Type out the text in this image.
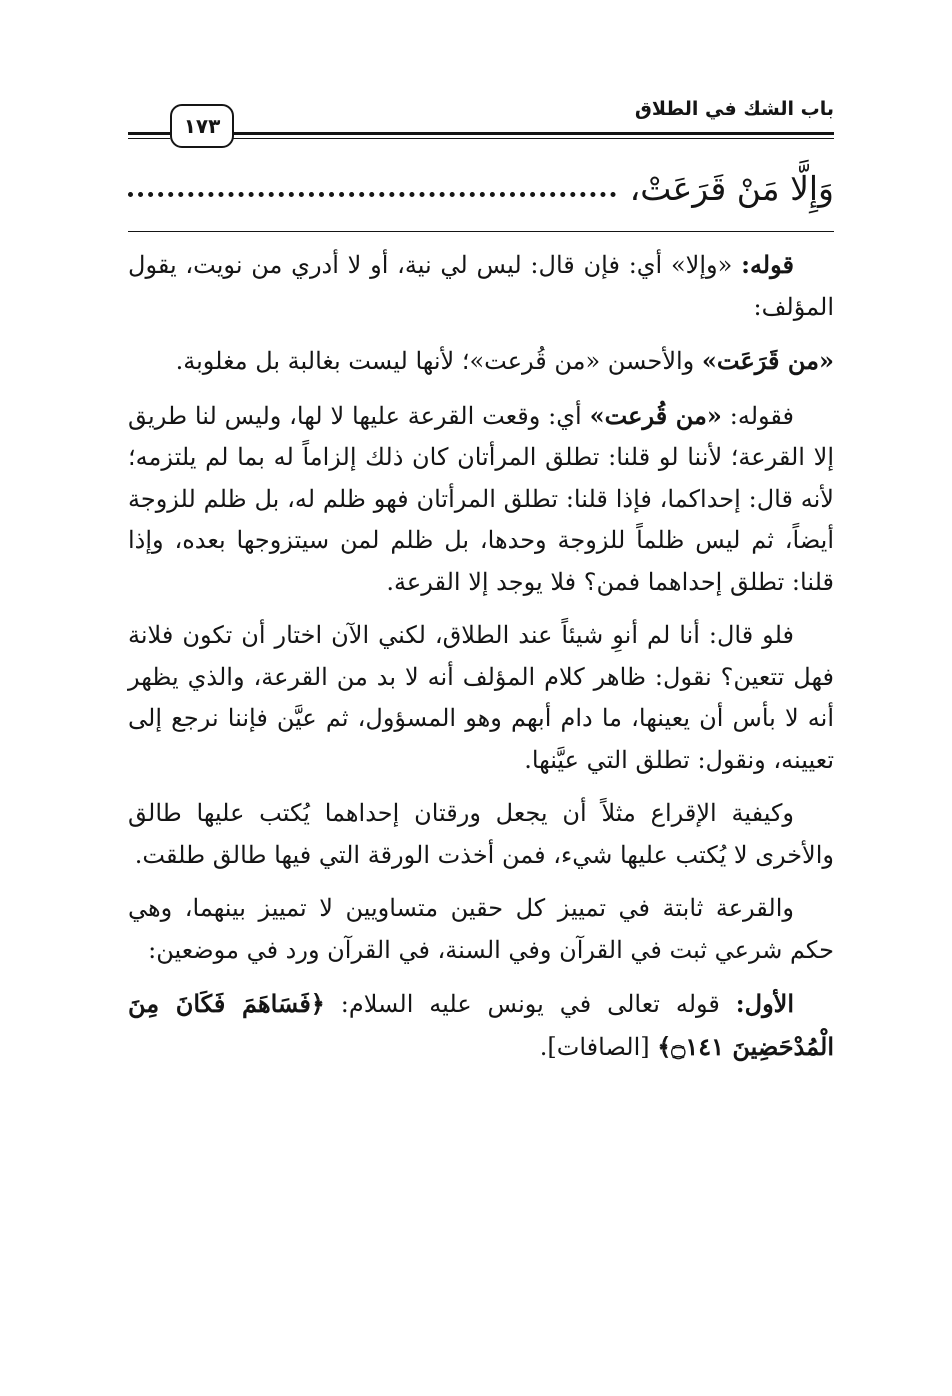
باب الشك في الطلاق
١٧٣
وَإِلَّا مَنْ قَرَعَتْ،

قوله: «وإلا» أي: فإن قال: ليس لي نية، أو لا أدري من نويت، يقول المؤلف:

«من قَرَعَت» والأحسن «من قُرعت»؛ لأنها ليست بغالبة بل مغلوبة.

فقوله: «من قُرعت» أي: وقعت القرعة عليها لا لها، وليس لنا طريق إلا القرعة؛ لأننا لو قلنا: تطلق المرأتان كان ذلك إلزاماً له بما لم يلتزمه؛ لأنه قال: إحداكما، فإذا قلنا: تطلق المرأتان فهو ظلم له، بل ظلم للزوجة أيضاً، ثم ليس ظلماً للزوجة وحدها، بل ظلم لمن سيتزوجها بعده، وإذا قلنا: تطلق إحداهما فمن؟ فلا يوجد إلا القرعة.

فلو قال: أنا لم أنوِ شيئاً عند الطلاق، لكني الآن اختار أن تكون فلانة فهل تتعين؟ نقول: ظاهر كلام المؤلف أنه لا بد من القرعة، والذي يظهر أنه لا بأس أن يعينها، ما دام أبهم وهو المسؤول، ثم عيَّن فإننا نرجع إلى تعيينه، ونقول: تطلق التي عيَّنها.

وكيفية الإقراع مثلاً أن يجعل ورقتان إحداهما يُكتب عليها طالق والأخرى لا يُكتب عليها شيء، فمن أخذت الورقة التي فيها طالق طلقت.

والقرعة ثابتة في تمييز كل حقين متساويين لا تمييز بينهما، وهي حكم شرعي ثبت في القرآن وفي السنة، في القرآن ورد في موضعين:

الأول: قوله تعالى في يونس عليه السلام: ﴿فَسَاهَمَ فَكَانَ مِنَ الْمُدْحَضِينَ ۝١٤١﴾ [الصافات].
